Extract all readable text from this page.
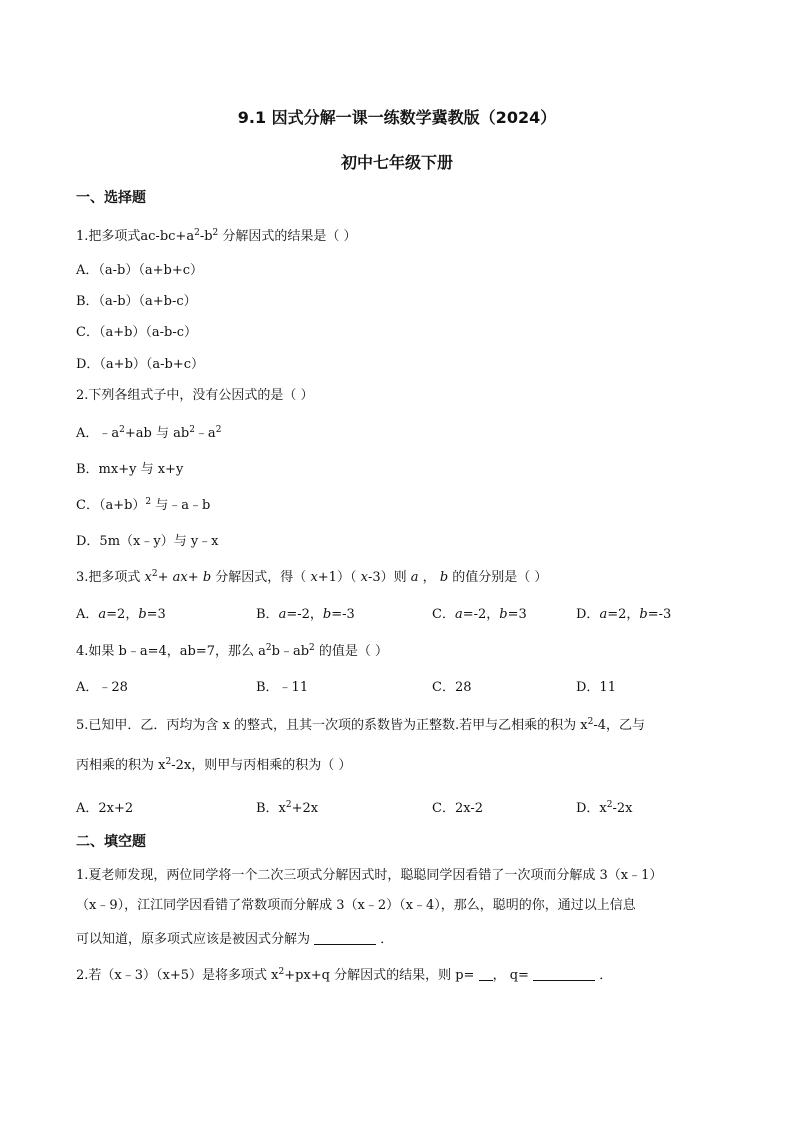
9.1 因式分解一课一练数学冀教版（2024）
初中七年级下册
一、选择题
1.把多项式$ac-bc+a^2-b^2$ 分解因式的结果是（ ）
A．（a-b）（a+b+c）
B．（a-b）（a+b-c）
C．（a+b）（a-b-c）
D．（a+b）（a-b+c）
2.下列各组式子中，没有公因式的是（ ）
A．$﹣a^2+ab$ 与 $ab^2﹣a^2$
B．mx+y 与 x+y
C．$(a+b)^2$ 与﹣a﹣b
D．5m（x﹣y）与 y﹣x
3.把多项式 $x^2+ ax+ b$ 分解因式，得（ x+1）（ x-3）则 a ， b 的值分别是（ ）
A．a=2，b=3	B．a=-2，b=-3	C．a=-2，b=3	D．a=2，b=-3
4.如果 b﹣a=4，ab=7，那么 $a^2b﹣ab^2$ 的值是（ ）
A．﹣28	B．﹣11	C．28	D．11
5.已知甲．乙．丙均为含 x 的整式，且其一次项的系数皆为正整数.若甲与乙相乘的积为 $x^2-4$，乙与
丙相乘的积为 $x^2-2x$，则甲与丙相乘的积为（ ）
A．2x+2	B．$x^2+2x$	C．2x-2	D．$x^2-2x$
二、填空题
1.夏老师发现，两位同学将一个二次三项式分解因式时，聪聪同学因看错了一次项而分解成 3（x﹣1）
（x﹣9），江江同学因看错了常数项而分解成 3（x﹣2）（x﹣4），那么，聪明的你，通过以上信息
可以知道，原多项式应该是被因式分解为	．
2.若（x﹣3）（x+5）是将多项式 $x^2+px+q$ 分解因式的结果，则 p= ， q=	．
